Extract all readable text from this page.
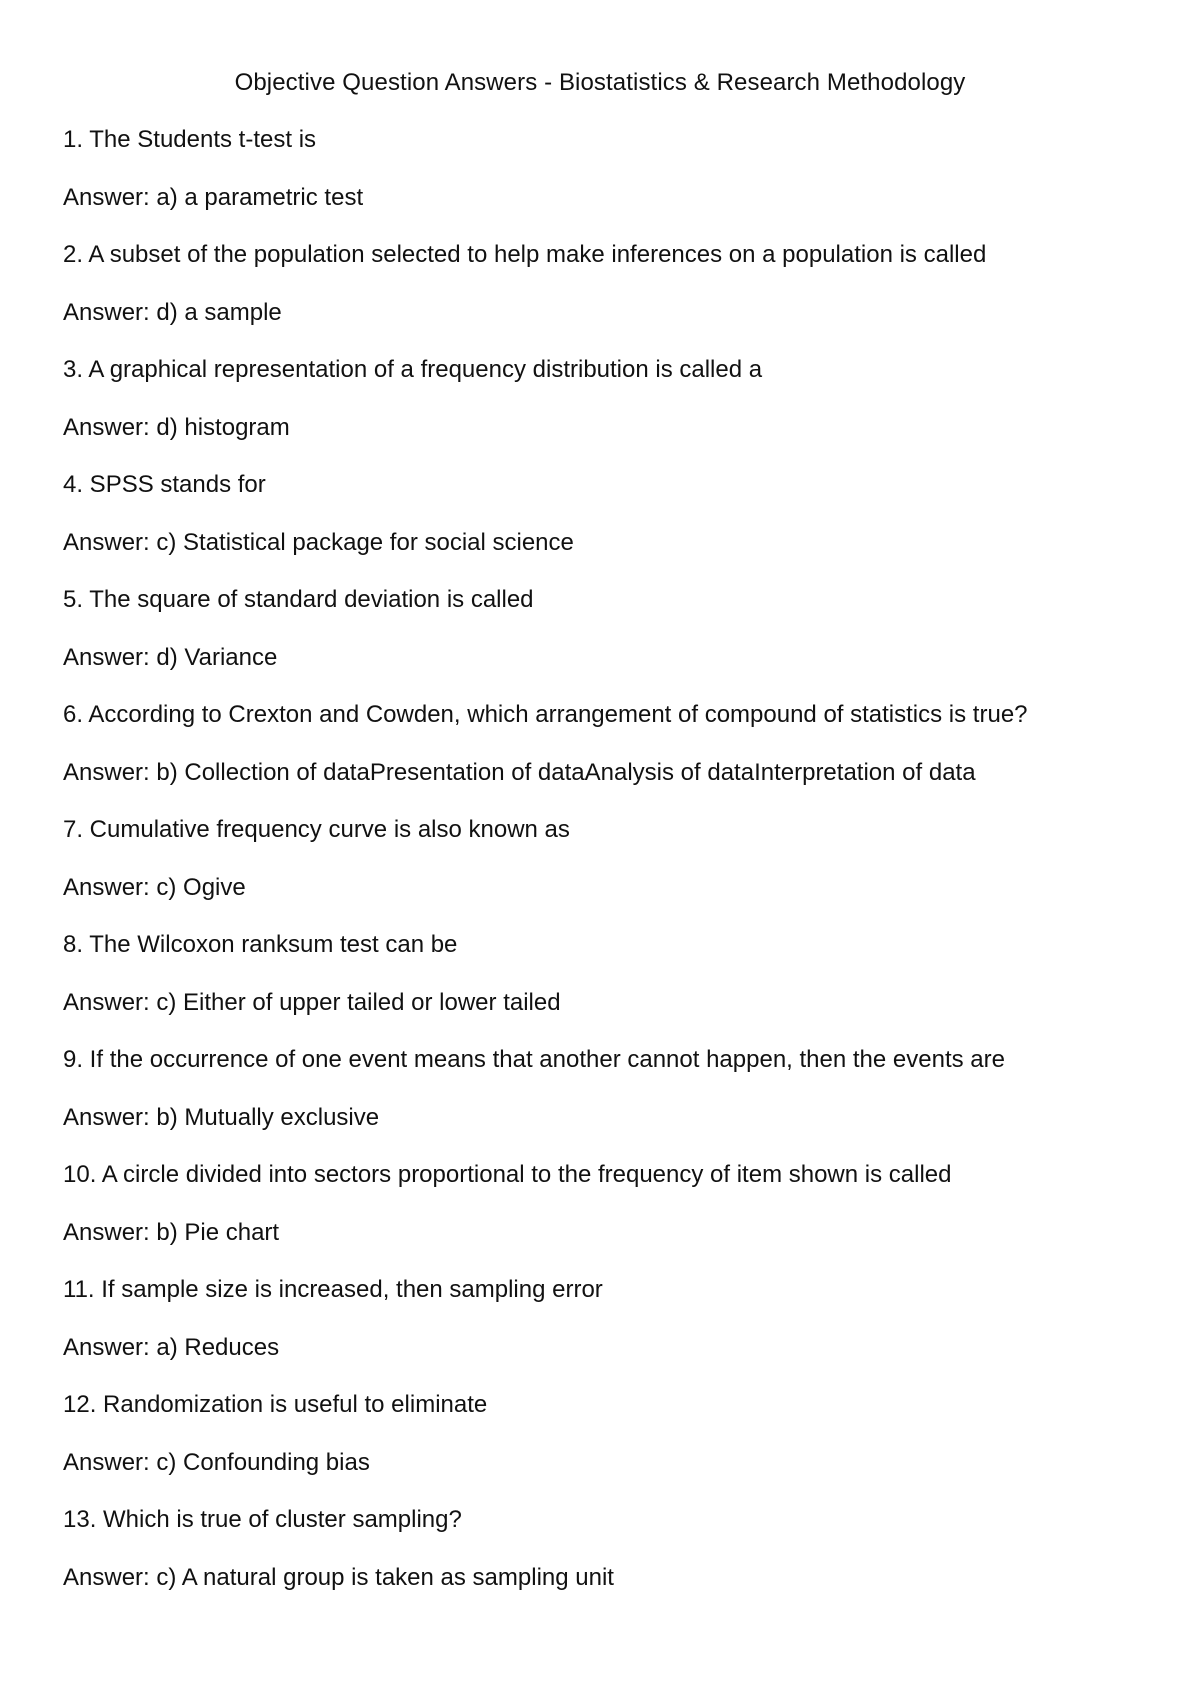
Objective Question Answers - Biostatistics & Research Methodology
1. The Students t-test is
Answer: a) a parametric test
2. A subset of the population selected to help make inferences on a population is called
Answer: d) a sample
3. A graphical representation of a frequency distribution is called a
Answer: d) histogram
4. SPSS stands for
Answer: c) Statistical package for social science
5. The square of standard deviation is called
Answer: d) Variance
6. According to Crexton and Cowden, which arrangement of compound of statistics is true?
Answer: b) Collection of dataPresentation of dataAnalysis of dataInterpretation of data
7. Cumulative frequency curve is also known as
Answer: c) Ogive
8. The Wilcoxon ranksum test can be
Answer: c) Either of upper tailed or lower tailed
9. If the occurrence of one event means that another cannot happen, then the events are
Answer: b) Mutually exclusive
10. A circle divided into sectors proportional to the frequency of item shown is called
Answer: b) Pie chart
11. If sample size is increased, then sampling error
Answer: a) Reduces
12. Randomization is useful to eliminate
Answer: c) Confounding bias
13. Which is true of cluster sampling?
Answer: c) A natural group is taken as sampling unit
